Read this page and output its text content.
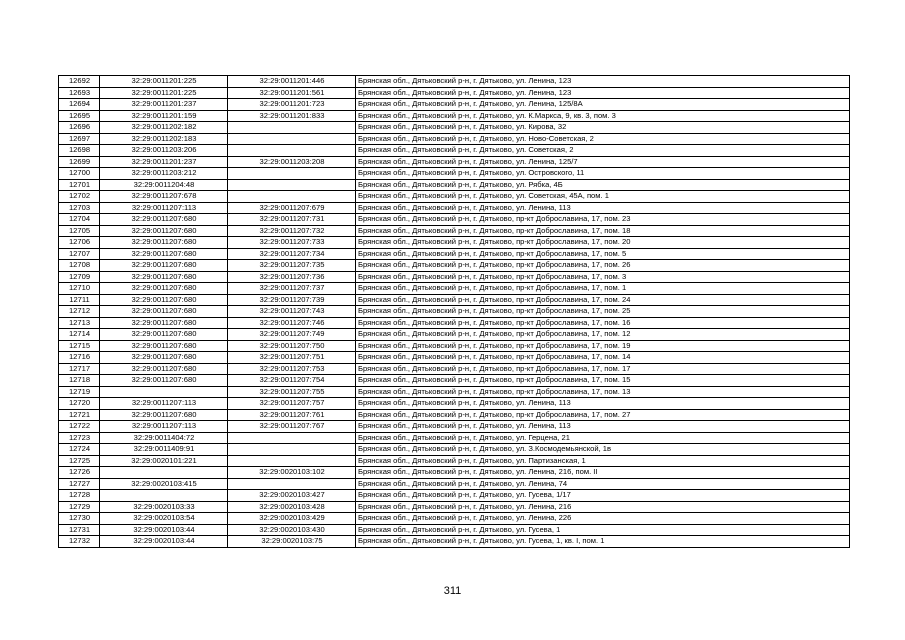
12692	32:29:0011201:225	32:29:0011201:446	Брянская обл., Дятьковский р-н, г. Дятьково, ул. Ленина, 123
12693	32:29:0011201:225	32:29:0011201:561	Брянская обл., Дятьковский р-н, г. Дятьково, ул. Ленина, 123
12694	32:29:0011201:237	32:29:0011201:723	Брянская обл., Дятьковский р-н, г. Дятьково, ул. Ленина, 125/8А
12695	32:29:0011201:159	32:29:0011201:833	Брянская обл., Дятьковский р-н, г. Дятьково, ул. К.Маркса, 9, кв. 3, пом. 3
12696	32:29:0011202:182		Брянская обл., Дятьковский р-н, г. Дятьково, ул. Кирова, 32
12697	32:29:0011202:183		Брянская обл., Дятьковский р-н, г. Дятьково, ул. Ново-Советская, 2
12698	32:29:0011203:206		Брянская обл., Дятьковский р-н, г. Дятьково, ул. Советская, 2
12699	32:29:0011201:237	32:29:0011203:208	Брянская обл., Дятьковский р-н, г. Дятьково, ул. Ленина, 125/7
12700	32:29:0011203:212		Брянская обл., Дятьковский р-н, г. Дятьково, ул. Островского, 11
12701	32:29:0011204:48		Брянская обл., Дятьковский р-н, г. Дятьково, ул. Рябка, 4Б
12702	32:29:0011207:678		Брянская обл., Дятьковский р-н, г. Дятьково, ул. Советская, 45А, пом. 1
12703	32:29:0011207:113	32:29:0011207:679	Брянская обл., Дятьковский р-н, г. Дятьково, ул. Ленина, 113
12704	32:29:0011207:680	32:29:0011207:731	Брянская обл., Дятьковский р-н, г. Дятьково, пр-кт Доброславина, 17, пом. 23
12705	32:29:0011207:680	32:29:0011207:732	Брянская обл., Дятьковский р-н, г. Дятьково, пр-кт Доброславина, 17, пом. 18
12706	32:29:0011207:680	32:29:0011207:733	Брянская обл., Дятьковский р-н, г. Дятьково, пр-кт Доброславина, 17, пом. 20
12707	32:29:0011207:680	32:29:0011207:734	Брянская обл., Дятьковский р-н, г. Дятьково, пр-кт Доброславина, 17, пом. 5
12708	32:29:0011207:680	32:29:0011207:735	Брянская обл., Дятьковский р-н, г. Дятьково, пр-кт Доброславина, 17, пом. 26
12709	32:29:0011207:680	32:29:0011207:736	Брянская обл., Дятьковский р-н, г. Дятьково, пр-кт Доброславина, 17, пом. 3
12710	32:29:0011207:680	32:29:0011207:737	Брянская обл., Дятьковский р-н, г. Дятьково, пр-кт Доброславина, 17, пом. 1
12711	32:29:0011207:680	32:29:0011207:739	Брянская обл., Дятьковский р-н, г. Дятьково, пр-кт Доброславина, 17, пом. 24
12712	32:29:0011207:680	32:29:0011207:743	Брянская обл., Дятьковский р-н, г. Дятьково, пр-кт Доброславина, 17, пом. 25
12713	32:29:0011207:680	32:29:0011207:746	Брянская обл., Дятьковский р-н, г. Дятьково, пр-кт Доброславина, 17, пом. 16
12714	32:29:0011207:680	32:29:0011207:749	Брянская обл., Дятьковский р-н, г. Дятьково, пр-кт Доброславина, 17, пом. 12
12715	32:29:0011207:680	32:29:0011207:750	Брянская обл., Дятьковский р-н, г. Дятьково, пр-кт Доброславина, 17, пом. 19
12716	32:29:0011207:680	32:29:0011207:751	Брянская обл., Дятьковский р-н, г. Дятьково, пр-кт Доброславина, 17, пом. 14
12717	32:29:0011207:680	32:29:0011207:753	Брянская обл., Дятьковский р-н, г. Дятьково, пр-кт Доброславина, 17, пом. 17
12718	32:29:0011207:680	32:29:0011207:754	Брянская обл., Дятьковский р-н, г. Дятьково, пр-кт Доброславина, 17, пом. 15
12719		32:29:0011207:755	Брянская обл., Дятьковский р-н, г. Дятьково, пр-кт Доброславина, 17, пом. 13
12720	32:29:0011207:113	32:29:0011207:757	Брянская обл., Дятьковский р-н, г. Дятьково, ул. Ленина, 113
12721	32:29:0011207:680	32:29:0011207:761	Брянская обл., Дятьковский р-н, г. Дятьково, пр-кт Доброславина, 17, пом. 27
12722	32:29:0011207:113	32:29:0011207:767	Брянская обл., Дятьковский р-н, г. Дятьково, ул. Ленина, 113
12723	32:29:0011404:72		Брянская обл., Дятьковский р-н, г. Дятьково, ул. Герцена, 21
12724	32:29:0011409:91		Брянская обл., Дятьковский р-н, г. Дятьково, ул. З.Космодемьянской, 1в
12725	32:29:0020101:221		Брянская обл., Дятьковский р-н, г. Дятьково, ул. Партизанская, 1
12726		32:29:0020103:102	Брянская обл., Дятьковский р-н, г. Дятьково, ул. Ленина, 216, пом. II
12727	32:29:0020103:415		Брянская обл., Дятьковский р-н, г. Дятьково, ул. Ленина, 74
12728		32:29:0020103:427	Брянская обл., Дятьковский р-н, г. Дятьково, ул. Гусева, 1/17
12729	32:29:0020103:33	32:29:0020103:428	Брянская обл., Дятьковский р-н, г. Дятьково, ул. Ленина, 216
12730	32:29:0020103:54	32:29:0020103:429	Брянская обл., Дятьковский р-н, г. Дятьково, ул. Ленина, 226
12731	32:29:0020103:44	32:29:0020103:430	Брянская обл., Дятьковский р-н, г. Дятьково, ул. Гусева, 1
12732	32:29:0020103:44	32:29:0020103:75	Брянская обл., Дятьковский р-н, г. Дятьково, ул. Гусева, 1, кв. I, пом. 1
311
